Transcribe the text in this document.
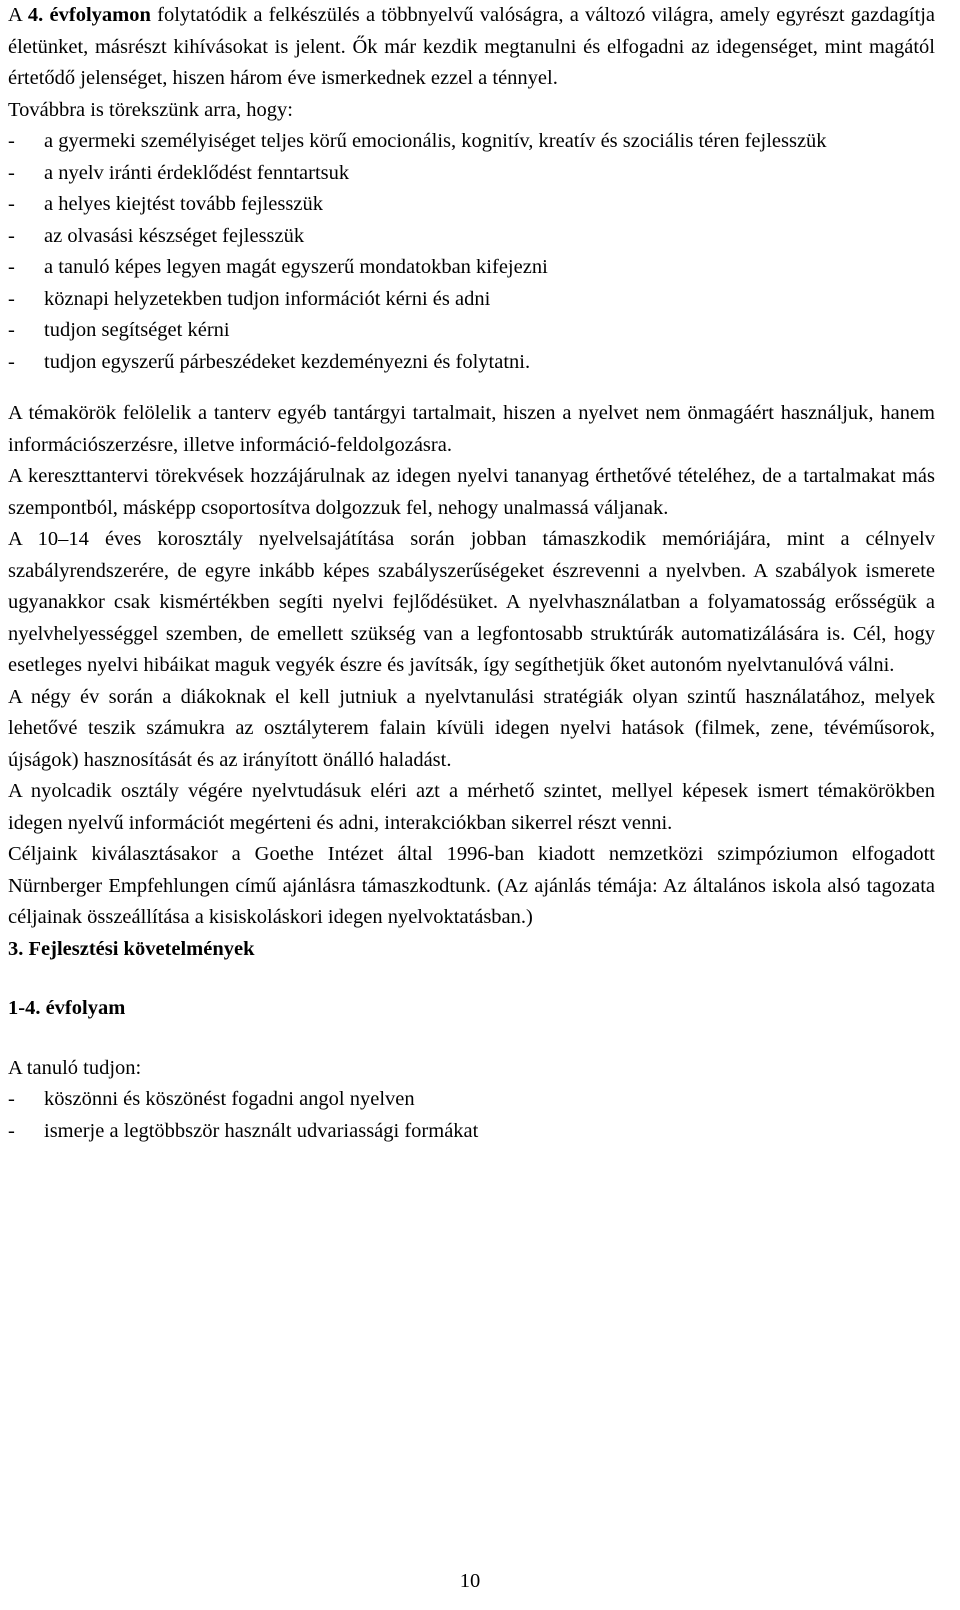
A 4. évfolyamon folytatódik a felkészülés a többnyelvű valóságra, a változó világra, amely egyrészt gazdagítja életünket, másrészt kihívásokat is jelent. Ők már kezdik megtanulni és elfogadni az idegenséget, mint magától értetődő jelenséget, hiszen három éve ismerkednek ezzel a ténnyel.

Továbbra is törekszünk arra, hogy:

- a gyermeki személyiséget teljes körű emocionális, kognitív, kreatív és szociális téren fejlesszük
- a nyelv iránti érdeklődést fenntartsuk
- a helyes kiejtést tovább fejlesszük
- az olvasási készséget fejlesszük
- a tanuló képes legyen magát egyszerű mondatokban kifejezni
- köznapi helyzetekben tudjon információt kérni és adni
- tudjon segítséget kérni
- tudjon egyszerű párbeszédeket kezdeményezni és folytatni.

A témakörök felölelik a tanterv egyéb tantárgyi tartalmait, hiszen a nyelvet nem önmagáért használjuk, hanem információszerzésre, illetve információ-feldolgozásra.

A kereszttantervi törekvések hozzájárulnak az idegen nyelvi tananyag érthetővé tételéhez, de a tartalmakat más szempontból, másképp csoportosítva dolgozzuk fel, nehogy unalmassá váljanak.

A 10–14 éves korosztály nyelvelsajátítása során jobban támaszkodik memóriájára, mint a célnyelv szabályrendszerére, de egyre inkább képes szabályszerűségeket észrevenni a nyelvben. A szabályok ismerete ugyanakkor csak kismértékben segíti nyelvi fejlődésüket. A nyelvhasználatban a folyamatosság erősségük a nyelvhelyességgel szemben, de emellett szükség van a legfontosabb struktúrák automatizálására is. Cél, hogy esetleges nyelvi hibáikat maguk vegyék észre és javítsák, így segíthetjük őket autonóm nyelvtanulóvá válni.

A négy év során a diákoknak el kell jutniuk a nyelvtanulási stratégiák olyan szintű használatához, melyek lehetővé teszik számukra az osztályterem falain kívüli idegen nyelvi hatások (filmek, zene, tévéműsorok, újságok) hasznosítását és az irányított önálló haladást.

A nyolcadik osztály végére nyelvtudásuk eléri azt a mérhető szintet, mellyel képesek ismert témakörökben idegen nyelvű információt megérteni és adni, interakciókban sikerrel részt venni.

Céljaink kiválasztásakor a Goethe Intézet által 1996-ban kiadott nemzetközi szimpóziumon elfogadott Nürnberger Empfehlungen című ajánlásra támaszkodtunk. (Az ajánlás témája: Az általános iskola alsó tagozata céljainak összeállítása a kisiskoláskori idegen nyelvoktatásban.)

3. Fejlesztési követelmények

1-4. évfolyam

A tanuló tudjon:

- köszönni és köszönést fogadni angol nyelven
- ismerje a legtöbbször használt udvariassági formákat
10
